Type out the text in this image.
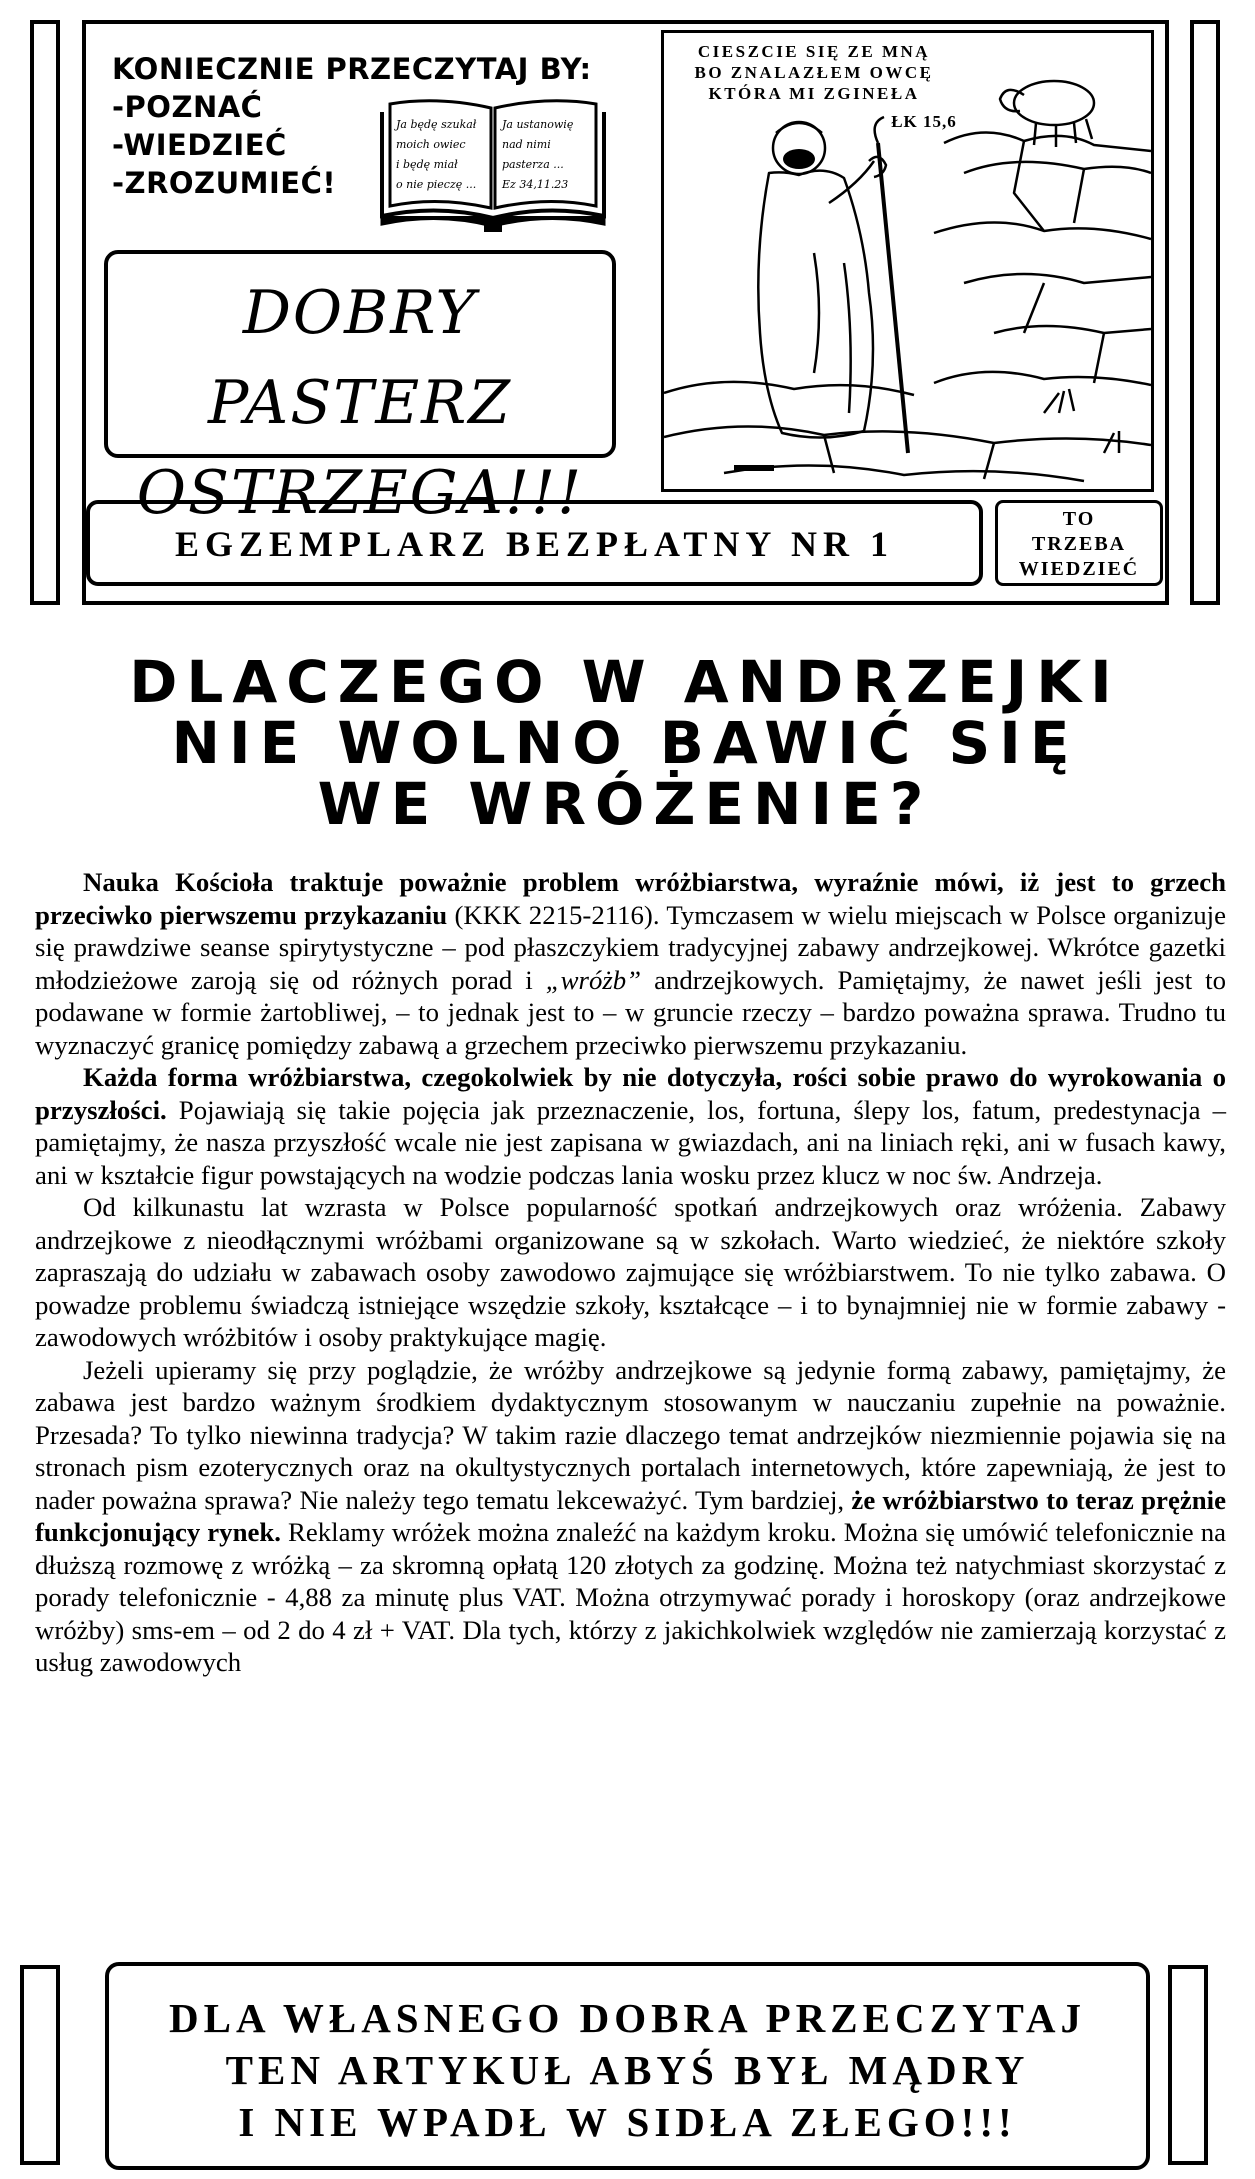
KONIECZNIE PRZECZYTAJ BY:
-POZNAĆ
-WIEDZIEĆ
-ZROZUMIEĆ!
Ja będę szukał
moich owiec
i będę miał
o nie pieczę ...
Ja ustanowię
nad nimi
pasterza ...
Ez 34,11.23
DOBRY PASTERZ
OSTRZEGA!!!
CIESZCIE SIĘ ZE MNĄ
BO ZNALAZŁEM OWCĘ
KTÓRA MI ZGINEŁA
ŁK 15,6
EGZEMPLARZ BEZPŁATNY NR 1
TO
TRZEBA
WIEDZIEĆ
DLACZEGO W ANDRZEJKI
NIE WOLNO BAWIĆ SIĘ
WE WRÓŻENIE?

Nauka Kościoła traktuje poważnie problem wróżbiarstwa, wyraźnie mówi, iż jest to grzech przeciwko pierwszemu przykazaniu (KKK 2215-2116). Tymczasem w wielu miejscach w Polsce organizuje się prawdziwe seanse spirytystyczne – pod płaszczykiem tradycyjnej zabawy andrzejkowej. Wkrótce gazetki młodzieżowe zaroją się od różnych porad i „wróżb” andrzejkowych. Pamiętajmy, że nawet jeśli jest to podawane w formie żartobliwej, – to jednak jest to – w gruncie rzeczy – bardzo poważna sprawa. Trudno tu wyznaczyć granicę pomiędzy zabawą a grzechem przeciwko pierwszemu przykazaniu.

Każda forma wróżbiarstwa, czegokolwiek by nie dotyczyła, rości sobie prawo do wyrokowania o przyszłości. Pojawiają się takie pojęcia jak przeznaczenie, los, fortuna, ślepy los, fatum, predestynacja – pamiętajmy, że nasza przyszłość wcale nie jest zapisana w gwiazdach, ani na liniach ręki, ani w fusach kawy, ani w kształcie figur powstających na wodzie podczas lania wosku przez klucz w noc św. Andrzeja.

Od kilkunastu lat wzrasta w Polsce popularność spotkań andrzejkowych oraz wróżenia. Zabawy andrzejkowe z nieodłącznymi wróżbami organizowane są w szkołach. Warto wiedzieć, że niektóre szkoły zapraszają do udziału w zabawach osoby zawodowo zajmujące się wróżbiarstwem. To nie tylko zabawa. O powadze problemu świadczą istniejące wszędzie szkoły, kształcące – i to bynajmniej nie w formie zabawy - zawodowych wróżbitów i osoby praktykujące magię.

Jeżeli upieramy się przy poglądzie, że wróżby andrzejkowe są jedynie formą zabawy, pamiętajmy, że zabawa jest bardzo ważnym środkiem dydaktycznym stosowanym w nauczaniu zupełnie na poważnie. Przesada? To tylko niewinna tradycja? W takim razie dlaczego temat andrzejków niezmiennie pojawia się na stronach pism ezoterycznych oraz na okultystycznych portalach internetowych, które zapewniają, że jest to nader poważna sprawa? Nie należy tego tematu lekceważyć. Tym bardziej, że wróżbiarstwo to teraz prężnie funkcjonujący rynek. Reklamy wróżek można znaleźć na każdym kroku. Można się umówić telefonicznie na dłuższą rozmowę z wróżką – za skromną opłatą 120 złotych za godzinę. Można też natychmiast skorzystać z porady telefonicznie - 4,88 za minutę plus VAT. Można otrzymywać porady i horoskopy (oraz andrzejkowe wróżby) sms-em – od 2 do 4 zł + VAT. Dla tych, którzy z jakichkolwiek względów nie zamierzają korzystać z usług zawodowych

DLA WŁASNEGO DOBRA PRZECZYTAJ
TEN ARTYKUŁ ABYŚ BYŁ MĄDRY
I NIE WPADŁ W SIDŁA ZŁEGO!!!
